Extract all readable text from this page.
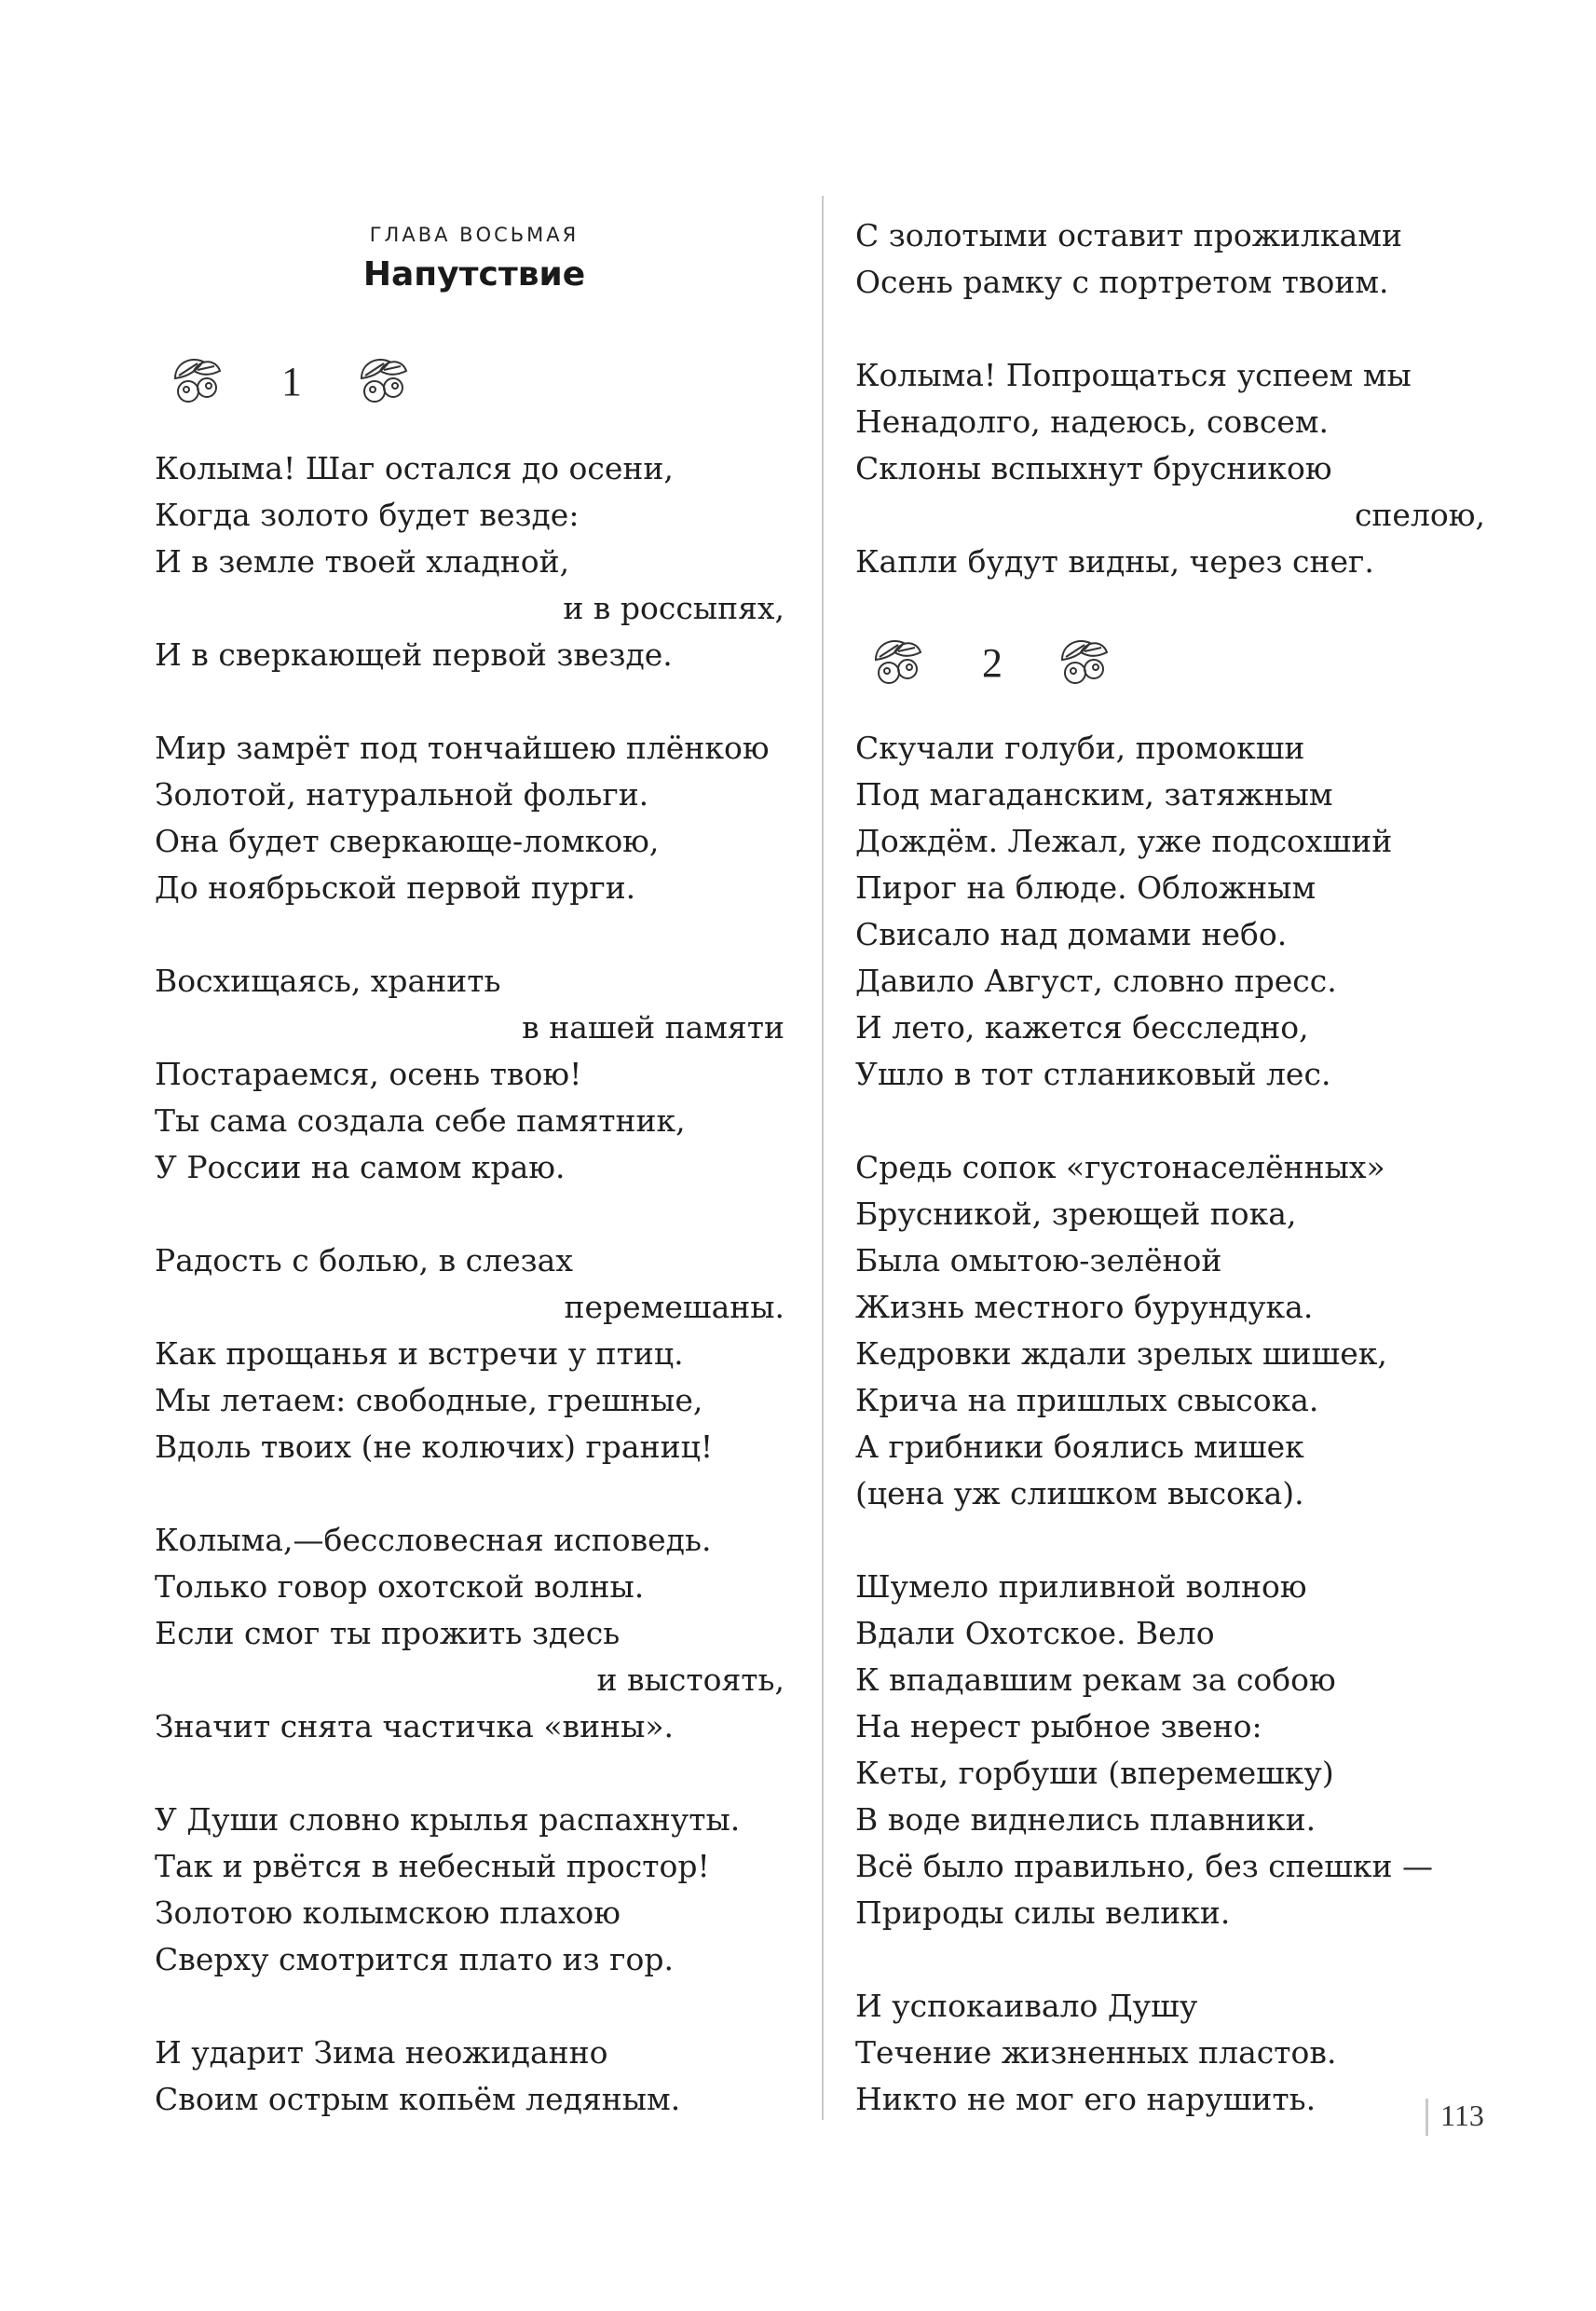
ГЛАВА ВОСЬМАЯ
Напутствие
1
2
Колыма! Шаг остался до осени,
Когда золото будет везде:
И в земле твоей хладной,
и в россыпях,
И в сверкающей первой звезде.
Мир замрёт под тончайшею плёнкою
Золотой, натуральной фольги.
Она будет сверкающе-ломкою,
До ноябрьской первой пурги.
Восхищаясь, хранить
в нашей памяти
Постараемся, осень твою!
Ты сама создала себе памятник,
У России на самом краю.
Радость с болью, в слезах
перемешаны.
Как прощанья и встречи у птиц.
Мы летаем: свободные, грешные,
Вдоль твоих (не колючих) границ!
Колыма,—бессловесная исповедь.
Только говор охотской волны.
Если смог ты прожить здесь
и выстоять,
Значит снята частичка «вины».
У Души словно крылья распахнуты.
Так и рвётся в небесный простор!
Золотою колымскою плахою
Сверху смотрится плато из гор.
И ударит Зима неожиданно
Своим острым копьём ледяным.
С золотыми оставит прожилками
Осень рамку с портретом твоим.
Колыма! Попрощаться успеем мы
Ненадолго, надеюсь, совсем.
Склоны вспыхнут брусникою
спелою,
Капли будут видны, через снег.
Скучали голуби, промокши
Под магаданским, затяжным
Дождём. Лежал, уже подсохший
Пирог на блюде. Обложным
Свисало над домами небо.
Давило Август, словно пресс.
И лето, кажется бесследно,
Ушло в тот стланиковый лес.
Средь сопок «густонаселённых»
Брусникой, зреющей пока,
Была омытою-зелёной
Жизнь местного бурундука.
Кедровки ждали зрелых шишек,
Крича на пришлых свысока.
А грибники боялись мишек
(цена уж слишком высока).
Шумело приливной волною
Вдали Охотское. Вело
К впадавшим рекам за собою
На нерест рыбное звено:
Кеты, горбуши (вперемешку)
В воде виднелись плавники.
Всё было правильно, без спешки —
Природы силы велики.
И успокаивало Душу
Течение жизненных пластов.
Никто не мог его нарушить.	113
